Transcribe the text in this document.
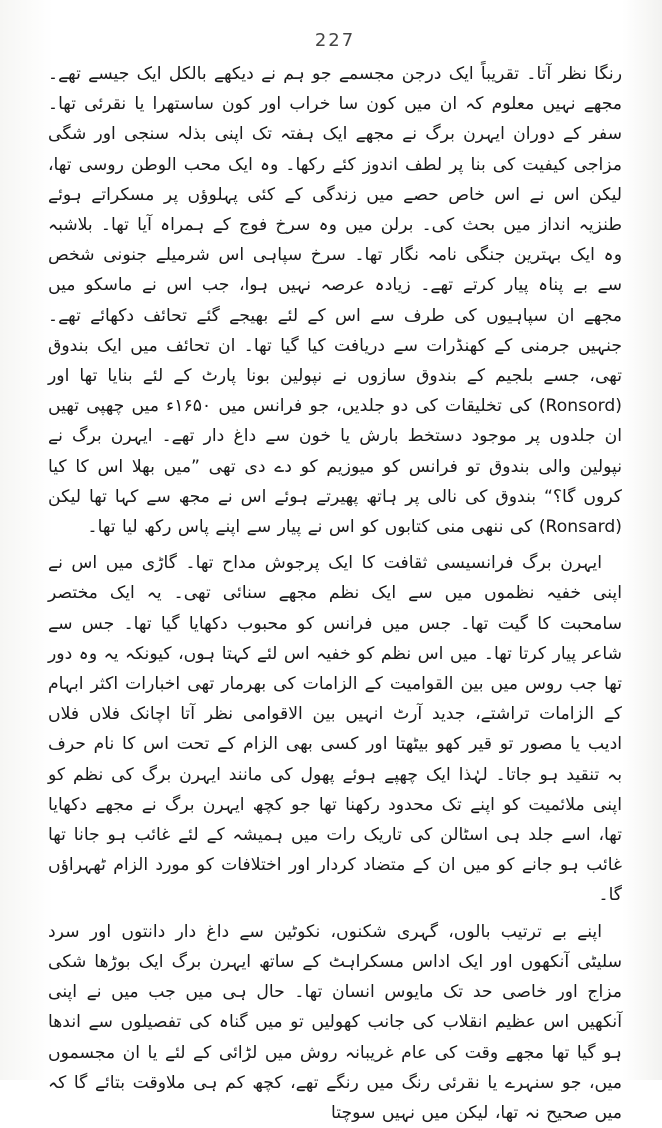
227

رنگا نظر آتا۔ تقریباً ایک درجن مجسمے جو ہم نے دیکھے بالکل ایک جیسے تھے۔ مجھے نہیں معلوم کہ ان میں کون سا خراب اور کون ساستھرا یا نقرئی تھا۔ سفر کے دوران ایہرن برگ نے مجھے ایک ہفتہ تک اپنی بذلہ سنجی اور شگی مزاجی کیفیت کی بنا پر لطف اندوز کئے رکھا۔ وہ ایک محب الوطن روسی تھا، لیکن اس نے اس خاص حصے میں زندگی کے کئی پہلوؤں پر مسکراتے ہوئے طنزیہ انداز میں بحث کی۔ برلن میں وہ سرخ فوج کے ہمراہ آیا تھا۔ بلاشبہ وہ ایک بہترین جنگی نامہ نگار تھا۔ سرخ سپاہی اس شرمیلے جنونی شخص سے بے پناہ پیار کرتے تھے۔ زیادہ عرصہ نہیں ہوا، جب اس نے ماسکو میں مجھے ان سپاہیوں کی طرف سے اس کے لئے بھیجے گئے تحائف دکھائے تھے۔ جنہیں جرمنی کے کھنڈرات سے دریافت کیا گیا تھا۔ ان تحائف میں ایک بندوق تھی، جسے بلجیم کے بندوق سازوں نے نپولین بونا پارٹ کے لئے بنایا تھا اور (Ronsord) کی تخلیقات کی دو جلدیں، جو فرانس میں ۱۶۵۰ء میں چھپی تھیں ان جلدوں پر موجود دستخط بارش یا خون سے داغ دار تھے۔ ایہرن برگ نے نپولین والی بندوق تو فرانس کو میوزیم کو دے دی تھی ”میں بھلا اس کا کیا کروں گا؟“ بندوق کی نالی پر ہاتھ پھیرتے ہوئے اس نے مجھ سے کہا تھا لیکن (Ronsard) کی ننھی منی کتابوں کو اس نے پیار سے اپنے پاس رکھ لیا تھا۔

ایہرن برگ فرانسیسی ثقافت کا ایک پرجوش مداح تھا۔ گاڑی میں اس نے اپنی خفیہ نظموں میں سے ایک نظم مجھے سنائی تھی۔ یہ ایک مختصر سامحبت کا گیت تھا۔ جس میں فرانس کو محبوب دکھایا گیا تھا۔ جس سے شاعر پیار کرتا تھا۔ میں اس نظم کو خفیہ اس لئے کہتا ہوں، کیونکہ یہ وہ دور تھا جب روس میں بین القوامیت کے الزامات کی بھرمار تھی اخبارات اکثر ابہام کے الزامات تراشتے، جدید آرٹ انہیں بین الاقوامی نظر آتا اچانک فلاں فلاں ادیب یا مصور تو قیر کھو بیٹھتا اور کسی بھی الزام کے تحت اس کا نام حرف بہ تنقید ہو جاتا۔ لہٰذا ایک چھپے ہوئے پھول کی مانند ایہرن برگ کی نظم کو اپنی ملائمیت کو اپنے تک محدود رکھنا تھا جو کچھ ایہرن برگ نے مجھے دکھایا تھا، اسے جلد ہی اسٹالن کی تاریک رات میں ہمیشہ کے لئے غائب ہو جانا تھا غائب ہو جانے کو میں ان کے متضاد کردار اور اختلافات کو مورد الزام ٹھہراؤں گا۔

اپنے بے ترتیب بالوں، گہری شکنوں، نکوٹین سے داغ دار دانتوں اور سرد سلیٹی آنکھوں اور ایک اداس مسکراہٹ کے ساتھ ایہرن برگ ایک بوڑھا شکی مزاج اور خاصی حد تک مایوس انسان تھا۔ حال ہی میں جب میں نے اپنی آنکھیں اس عظیم انقلاب کی جانب کھولیں تو میں گناہ کی تفصیلوں سے اندھا ہو گیا تھا مجھے وقت کی عام غریبانہ روش میں لڑائی کے لئے یا ان مجسموں میں، جو سنہرے یا نقرئی رنگ میں رنگے تھے، کچھ کم ہی ملاوقت بتائے گا کہ میں صحیح نہ تھا، لیکن میں نہیں سوچتا
